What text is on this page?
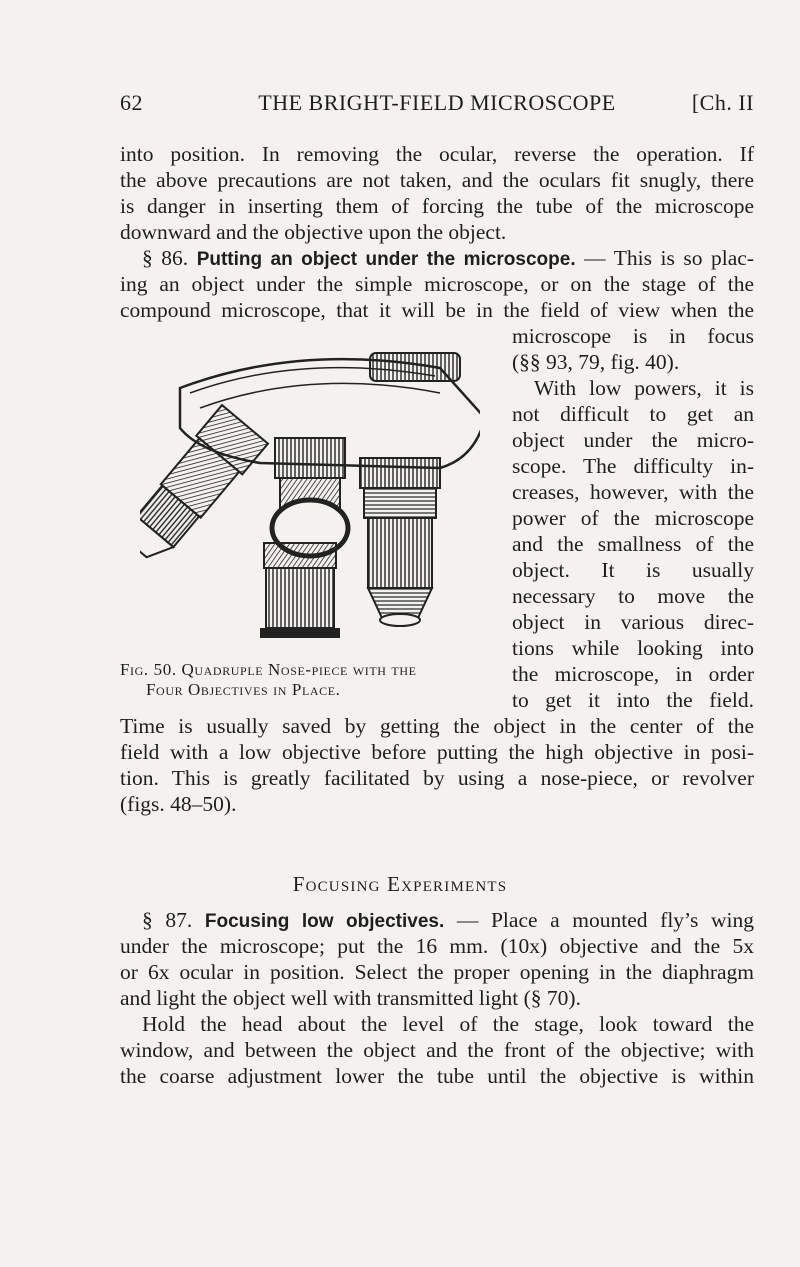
62	THE BRIGHT-FIELD MICROSCOPE	[Ch. II
into position. In removing the ocular, reverse the operation. If
the above precautions are not taken, and the oculars fit snugly, there
is danger in inserting them of forcing the tube of the microscope
downward and the objective upon the object.
§ 86. Putting an object under the microscope. — This is so plac-
ing an object under the simple microscope, or on the stage of the
compound microscope, that it will be in the field of view when the
microscope is in focus
(§§ 93, 79, fig. 40).
With low powers, it is
not difficult to get an
object under the micro-
scope. The difficulty in-
creases, however, with the
power of the microscope
and the smallness of the
object. It is usually
necessary to move the
object in various direc-
tions while looking into
the microscope, in order
to get it into the field.
Fig. 50. Quadruple Nose-piece with the
Four Objectives in Place.
Time is usually saved by getting the object in the center of the
field with a low objective before putting the high objective in posi-
tion. This is greatly facilitated by using a nose-piece, or revolver
(figs. 48–50).
Focusing Experiments
§ 87. Focusing low objectives. — Place a mounted fly’s wing
under the microscope; put the 16 mm. (10x) objective and the 5x
or 6x ocular in position. Select the proper opening in the diaphragm
and light the object well with transmitted light (§ 70).
Hold the head about the level of the stage, look toward the
window, and between the object and the front of the objective; with
the coarse adjustment lower the tube until the objective is within
